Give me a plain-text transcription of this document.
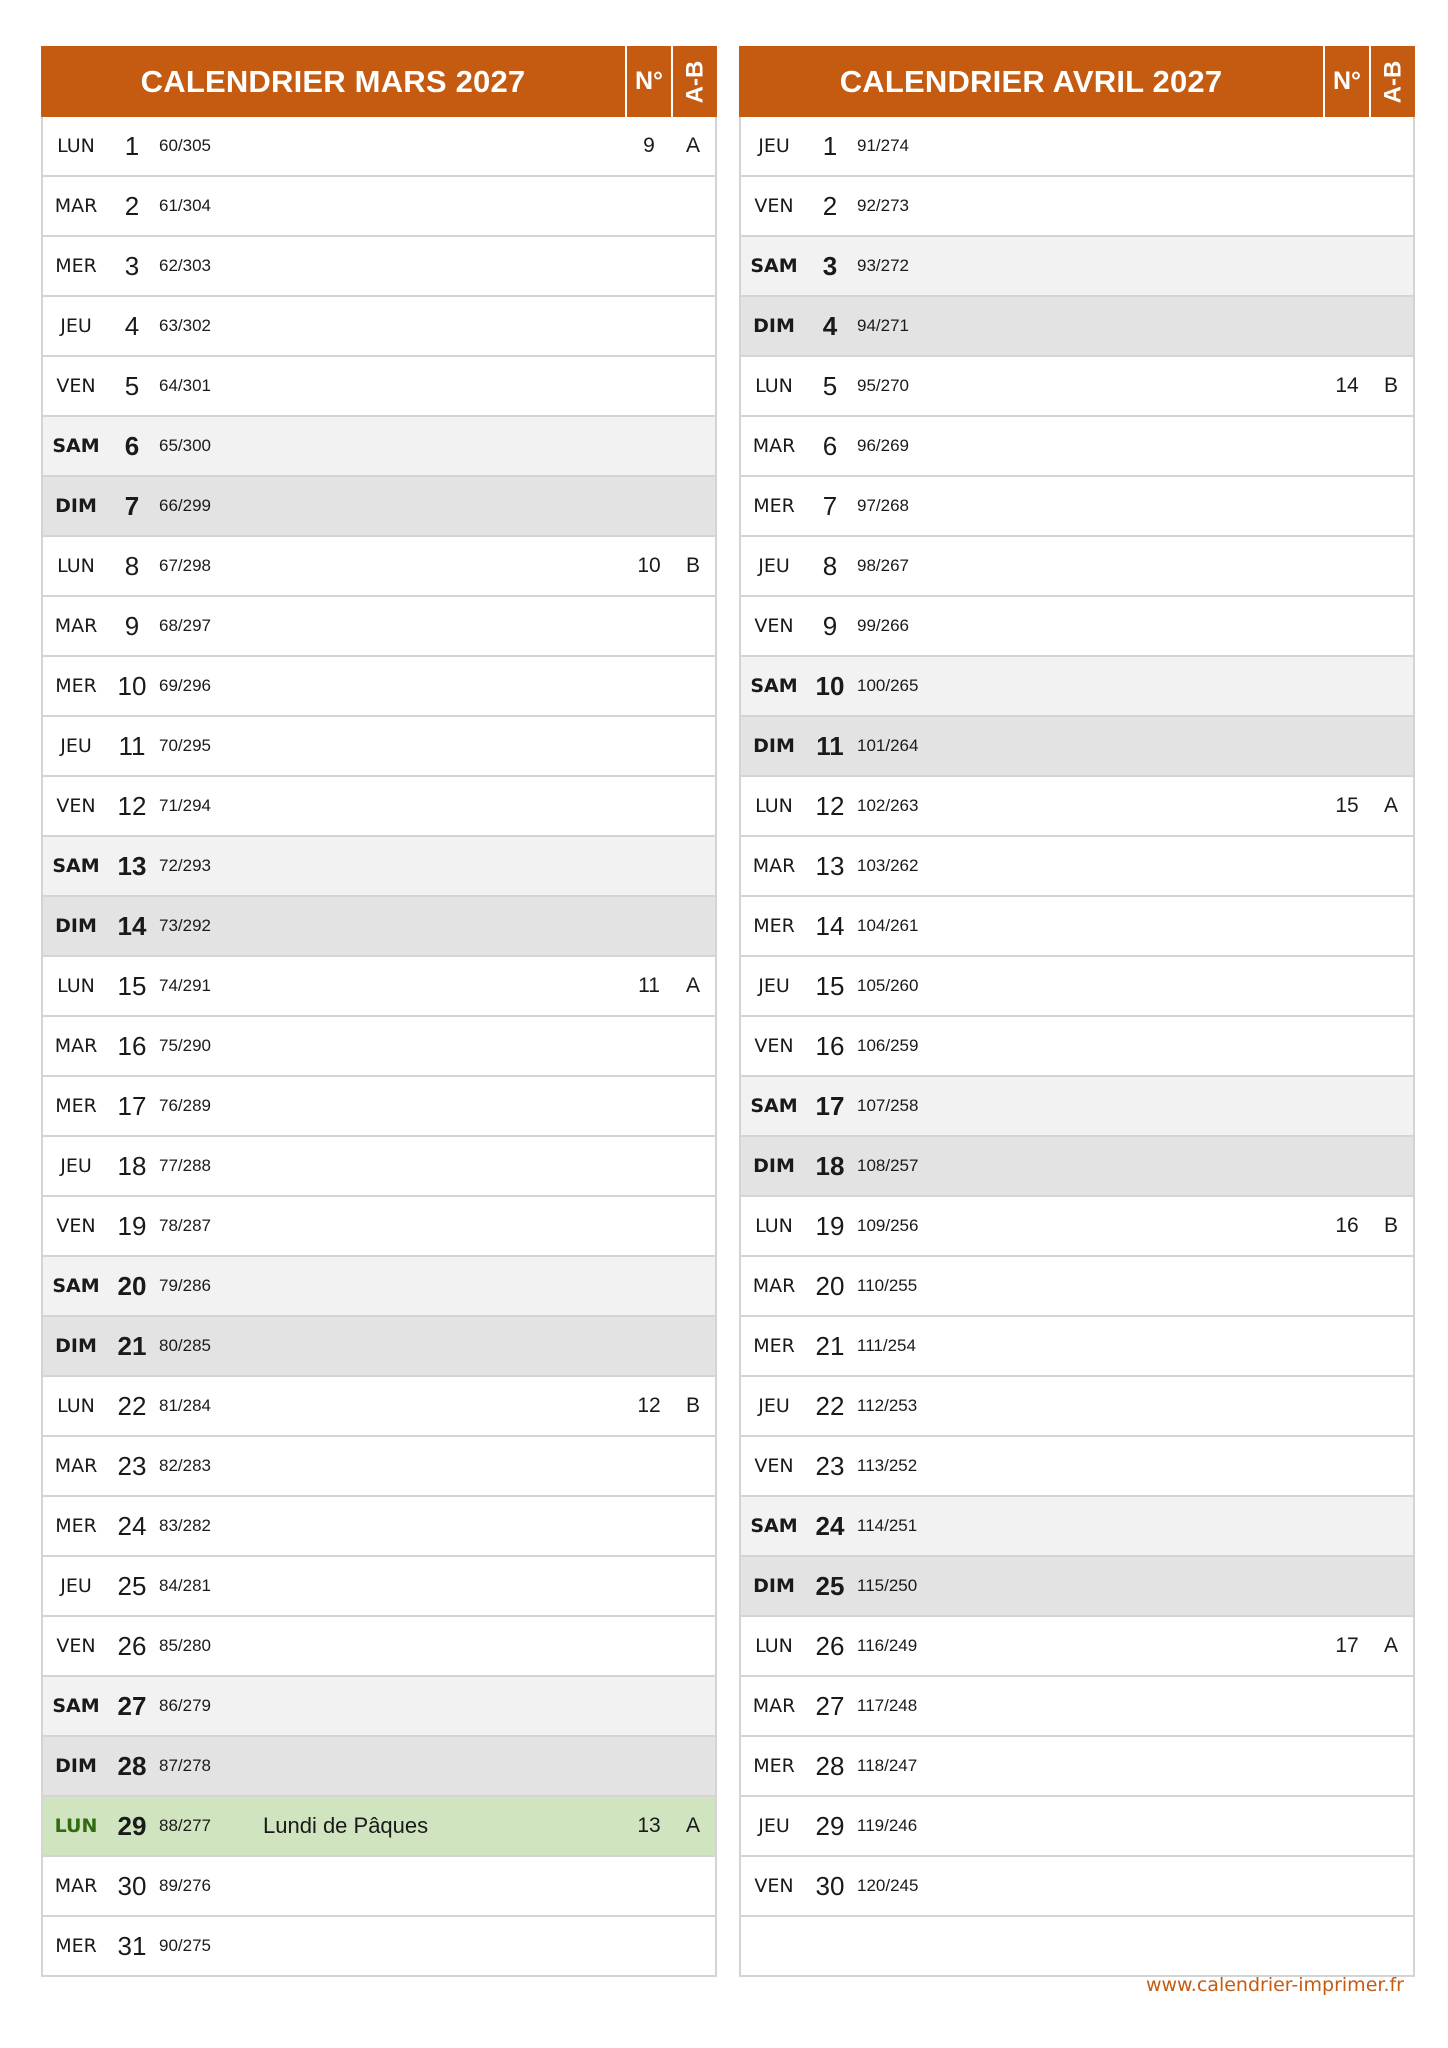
CALENDRIER MARS 2027	N° A-B
LUN	1	60/305	9	A
MAR	2	61/304
MER	3	62/303
JEU	4	63/302
VEN	5	64/301
SAM 6	65/300
DIM	7	66/299
LUN	8	67/298	10	B
MAR	9	68/297
MER 10 69/296
JEU	11 70/295
VEN 12 71/294
SAM 13 72/293
DIM 14 73/292
LUN 15 74/291	11	A
MAR 16 75/290
MER 17 76/289
JEU 18 77/288
VEN 19 78/287
SAM 20 79/286
DIM 21 80/285
LUN 22 81/284	12	B
MAR 23 82/283
MER 24 83/282
JEU 25 84/281
VEN 26 85/280
SAM 27 86/279
DIM 28 87/278
LUN 29 88/277	Lundi de Pâques	13	A
MAR 30 89/276
MER 31 90/275
CALENDRIER AVRIL 2027	N° A-B
JEU	1	91/274
VEN	2	92/273
SAM 3	93/272
DIM	4	94/271
LUN	5	95/270	14	B
MAR	6	96/269
MER	7	97/268
JEU	8	98/267
VEN	9	99/266
SAM 10 100/265
DIM 11 101/264
LUN 12 102/263	15	A
MAR 13 103/262
MER 14 104/261
JEU 15 105/260
VEN 16 106/259
SAM 17 107/258
DIM 18 108/257
LUN 19 109/256	16	B
MAR 20 110/255
MER 21 111/254
JEU 22 112/253
VEN 23 113/252
SAM 24 114/251
DIM 25 115/250
LUN 26 116/249	17	A
MAR 27 117/248
MER 28 118/247
JEU 29 119/246
VEN 30 120/245
www.calendrier-imprimer.fr
